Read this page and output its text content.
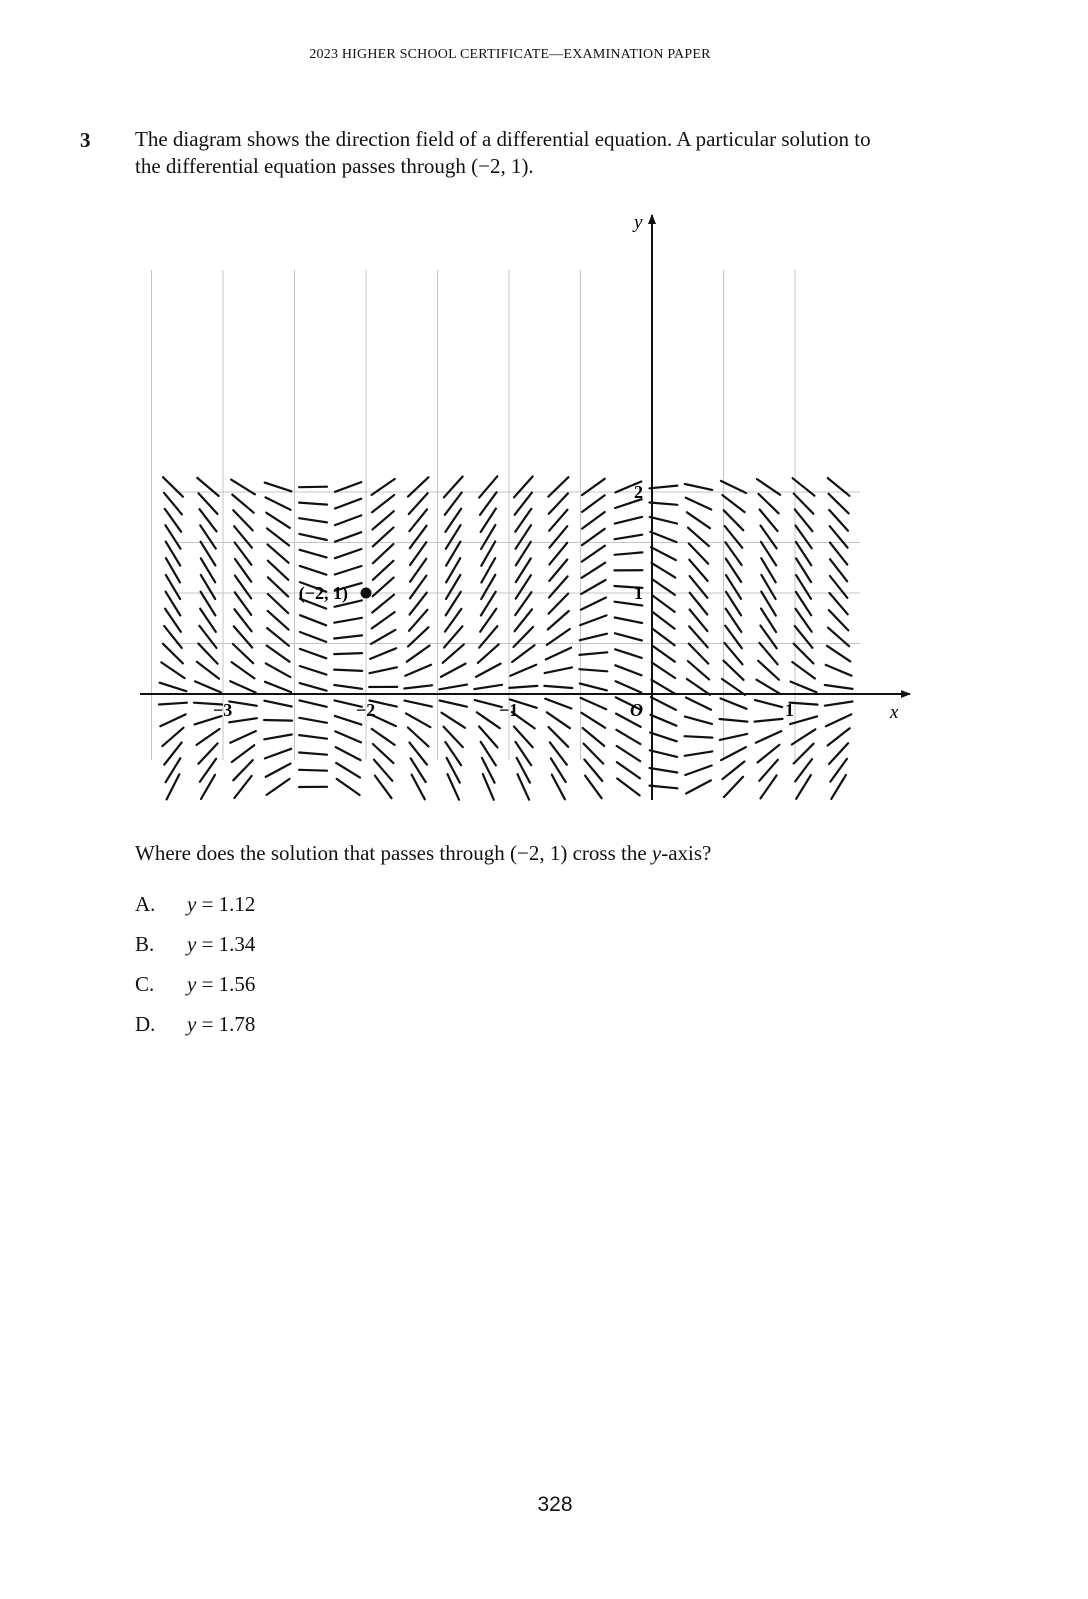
2023 HIGHER SCHOOL CERTIFICATE—EXAMINATION PAPER
3 The diagram shows the direction field of a differential equation. A particular solution to

the differential equation passes through (−2, 1).

−3	−2	−1	O	1
1
2
x
y
(−2, 1)
Where does the solution that passes through (−2, 1) cross the y-axis?
A. y = 1.12
B. y = 1.34
C. y = 1.56
D. y = 1.78
328
